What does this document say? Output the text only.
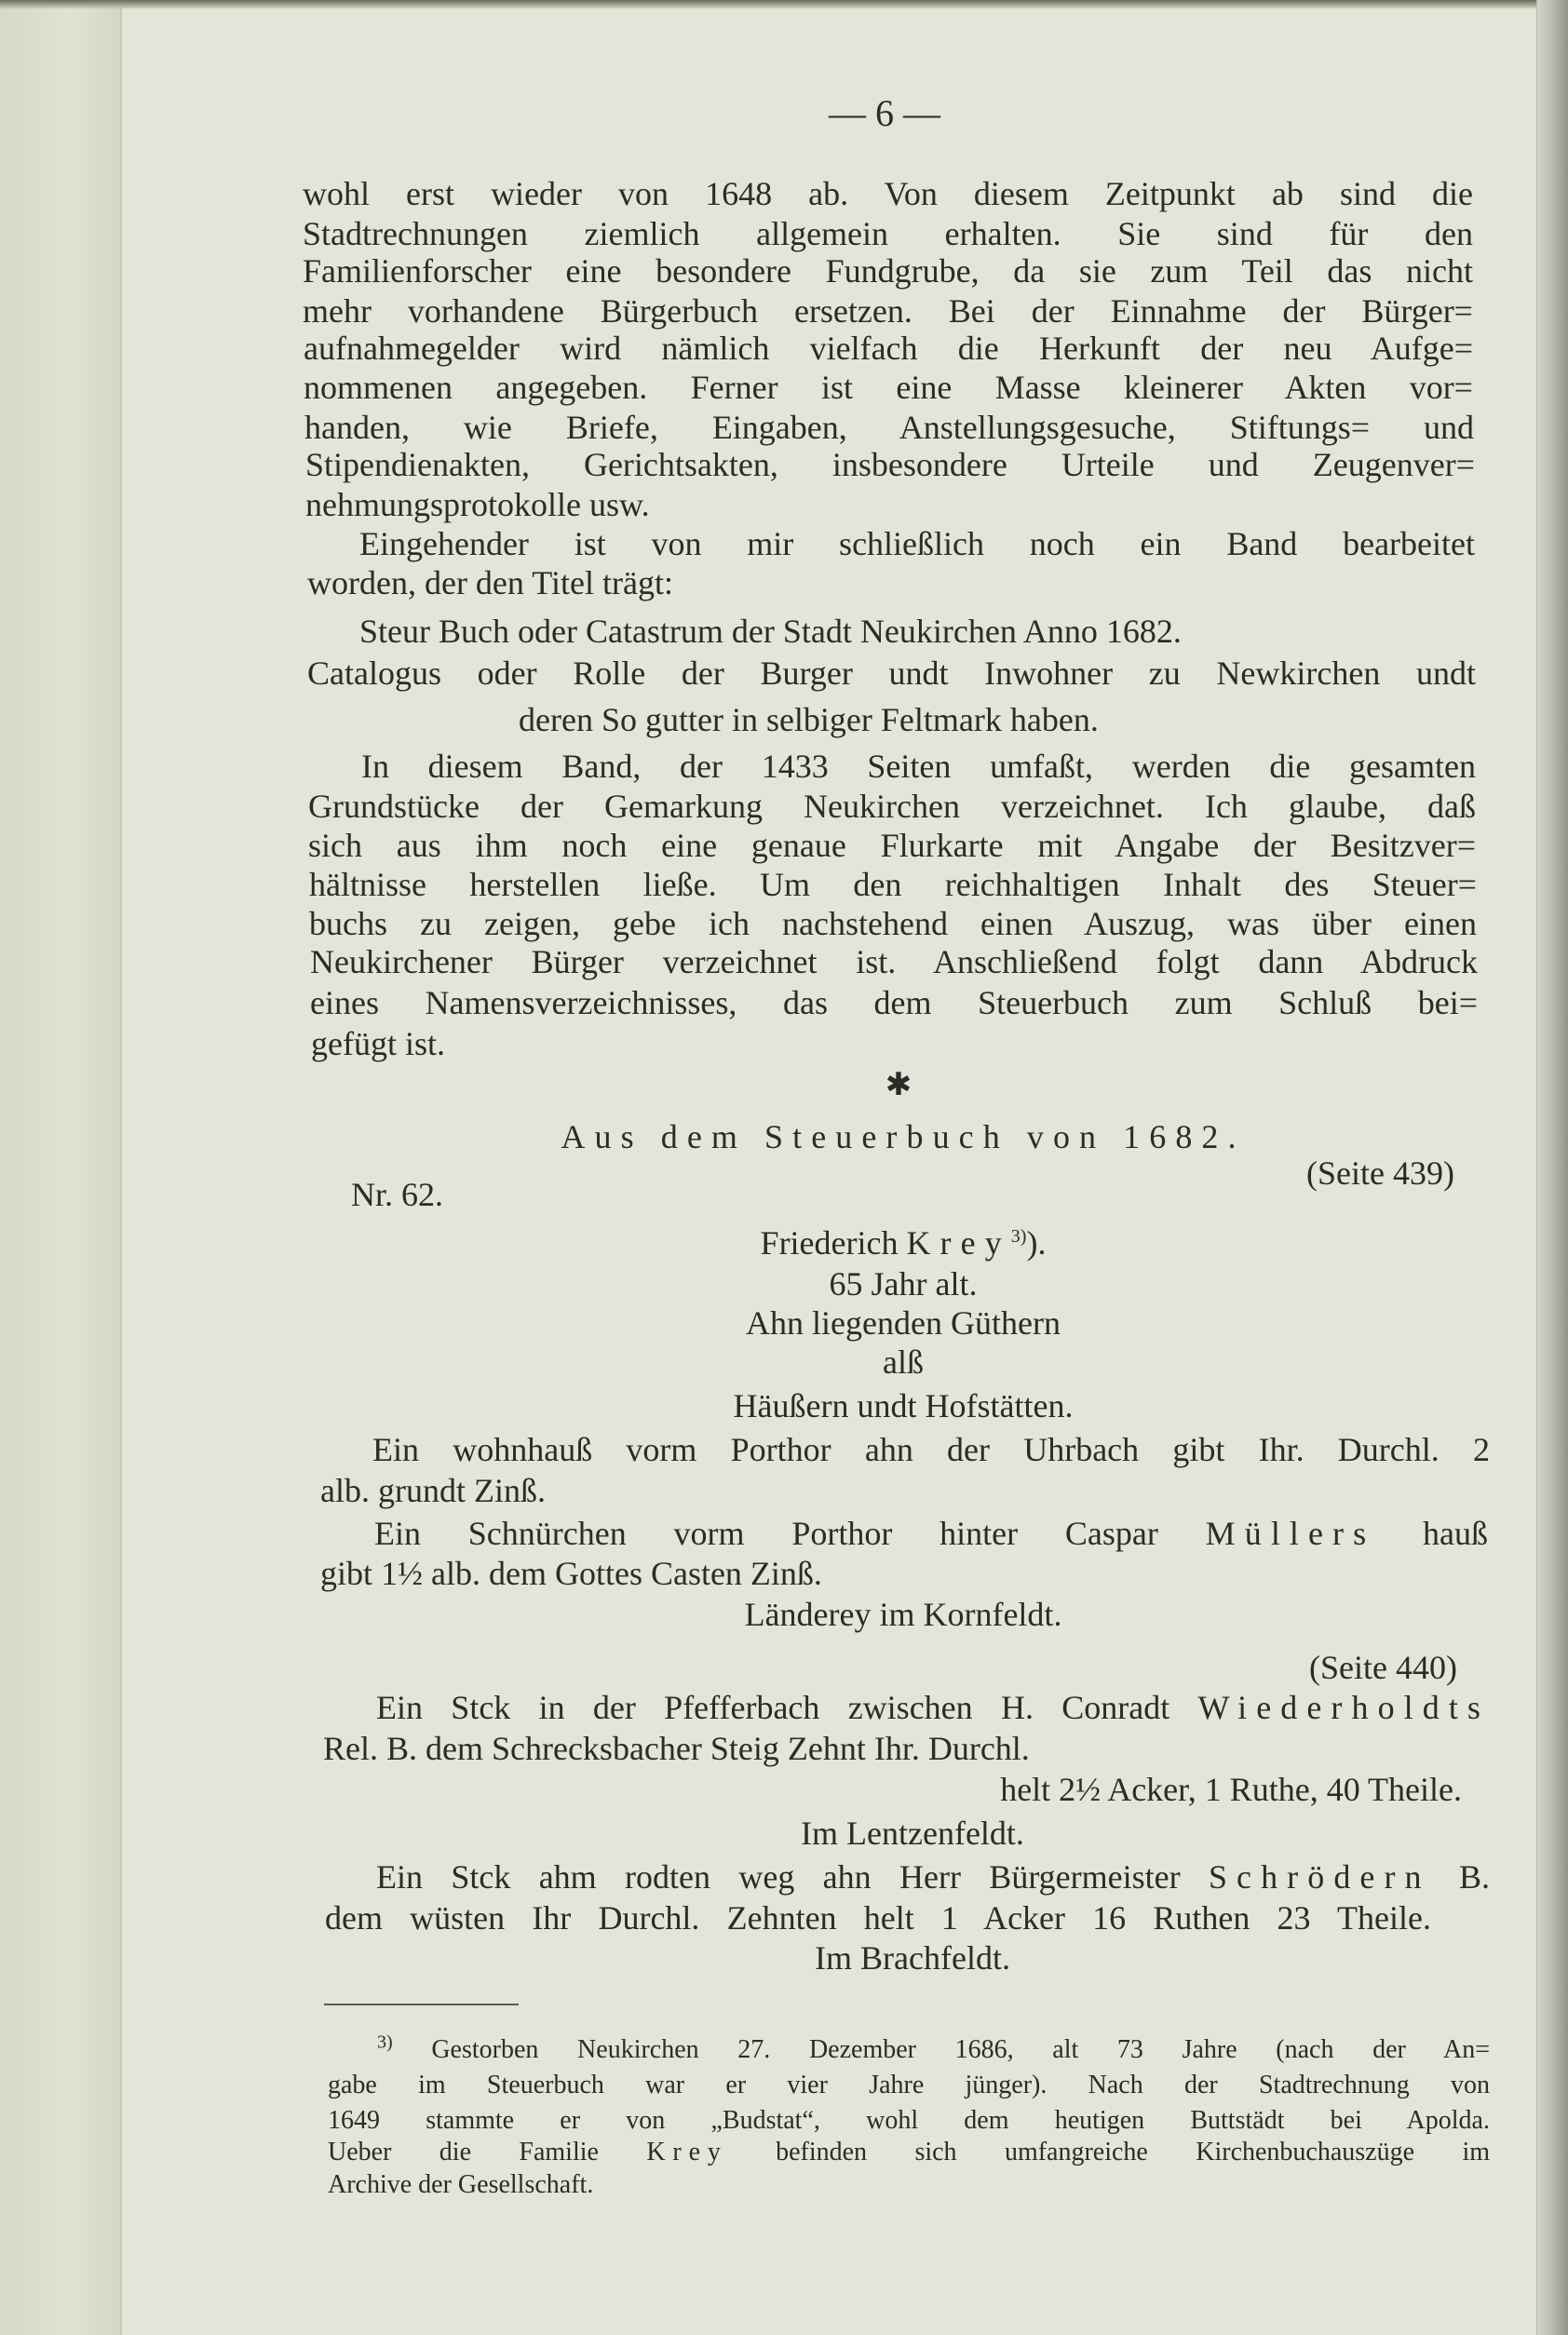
— 6 —
wohl erst wieder von 1648 ab. Von diesem Zeitpunkt ab sind die
Stadtrechnungen ziemlich allgemein erhalten. Sie sind für den
Familienforscher eine besondere Fundgrube, da sie zum Teil das nicht
mehr vorhandene Bürgerbuch ersetzen. Bei der Einnahme der Bürger=
aufnahmegelder wird nämlich vielfach die Herkunft der neu Aufge=
nommenen angegeben. Ferner ist eine Masse kleinerer Akten vor=
handen, wie Briefe, Eingaben, Anstellungsgesuche, Stiftungs= und
Stipendienakten, Gerichtsakten, insbesondere Urteile und Zeugenver=
nehmungsprotokolle usw.
Eingehender ist von mir schließlich noch ein Band bearbeitet
worden, der den Titel trägt:
Steur Buch oder Catastrum der Stadt Neukirchen Anno 1682.
Catalogus oder Rolle der Burger undt Inwohner zu Newkirchen undt
deren So gutter in selbiger Feltmark haben.
In diesem Band, der 1433 Seiten umfaßt, werden die gesamten
Grundstücke der Gemarkung Neukirchen verzeichnet. Ich glaube, daß
sich aus ihm noch eine genaue Flurkarte mit Angabe der Besitzver=
hältnisse herstellen ließe. Um den reichhaltigen Inhalt des Steuer=
buchs zu zeigen, gebe ich nachstehend einen Auszug, was über einen
Neukirchener Bürger verzeichnet ist. Anschließend folgt dann Abdruck
eines Namensverzeichnisses, das dem Steuerbuch zum Schluß bei=
gefügt ist.
✱
Aus dem Steuerbuch von 1682.
(Seite 439)
Nr. 62.
Friederich Krey$^{3)}$).
65 Jahr alt.
Ahn liegenden Güthern
alß
Häußern undt Hofstätten.
Ein wohnhauß vorm Porthor ahn der Uhrbach gibt Ihr. Durchl. 2
alb. grundt Zinß.
Ein Schnürchen vorm Porthor hinter Caspar Müllers hauß
gibt 1½ alb. dem Gottes Casten Zinß.
Länderey im Kornfeldt.
(Seite 440)
Ein Stck in der Pfefferbach zwischen H. Conradt Wiederholdts
Rel. B. dem Schrecksbacher Steig Zehnt Ihr. Durchl.
helt 2½ Acker, 1 Ruthe, 40 Theile.
Im Lentzenfeldt.
Ein Stck ahm rodten weg ahn Herr Bürgermeister Schrödern B.
dem wüsten Ihr Durchl. Zehnten helt 1 Acker 16 Ruthen 23 Theile.
Im Brachfeldt.
$^{3)}$ Gestorben Neukirchen 27. Dezember 1686, alt 73 Jahre (nach der An=
gabe im Steuerbuch war er vier Jahre jünger). Nach der Stadtrechnung von
1649 stammte er von „Budstat“, wohl dem heutigen Buttstädt bei Apolda.
Ueber die Familie Krey befinden sich umfangreiche Kirchenbuchauszüge im
Archive der Gesellschaft.
